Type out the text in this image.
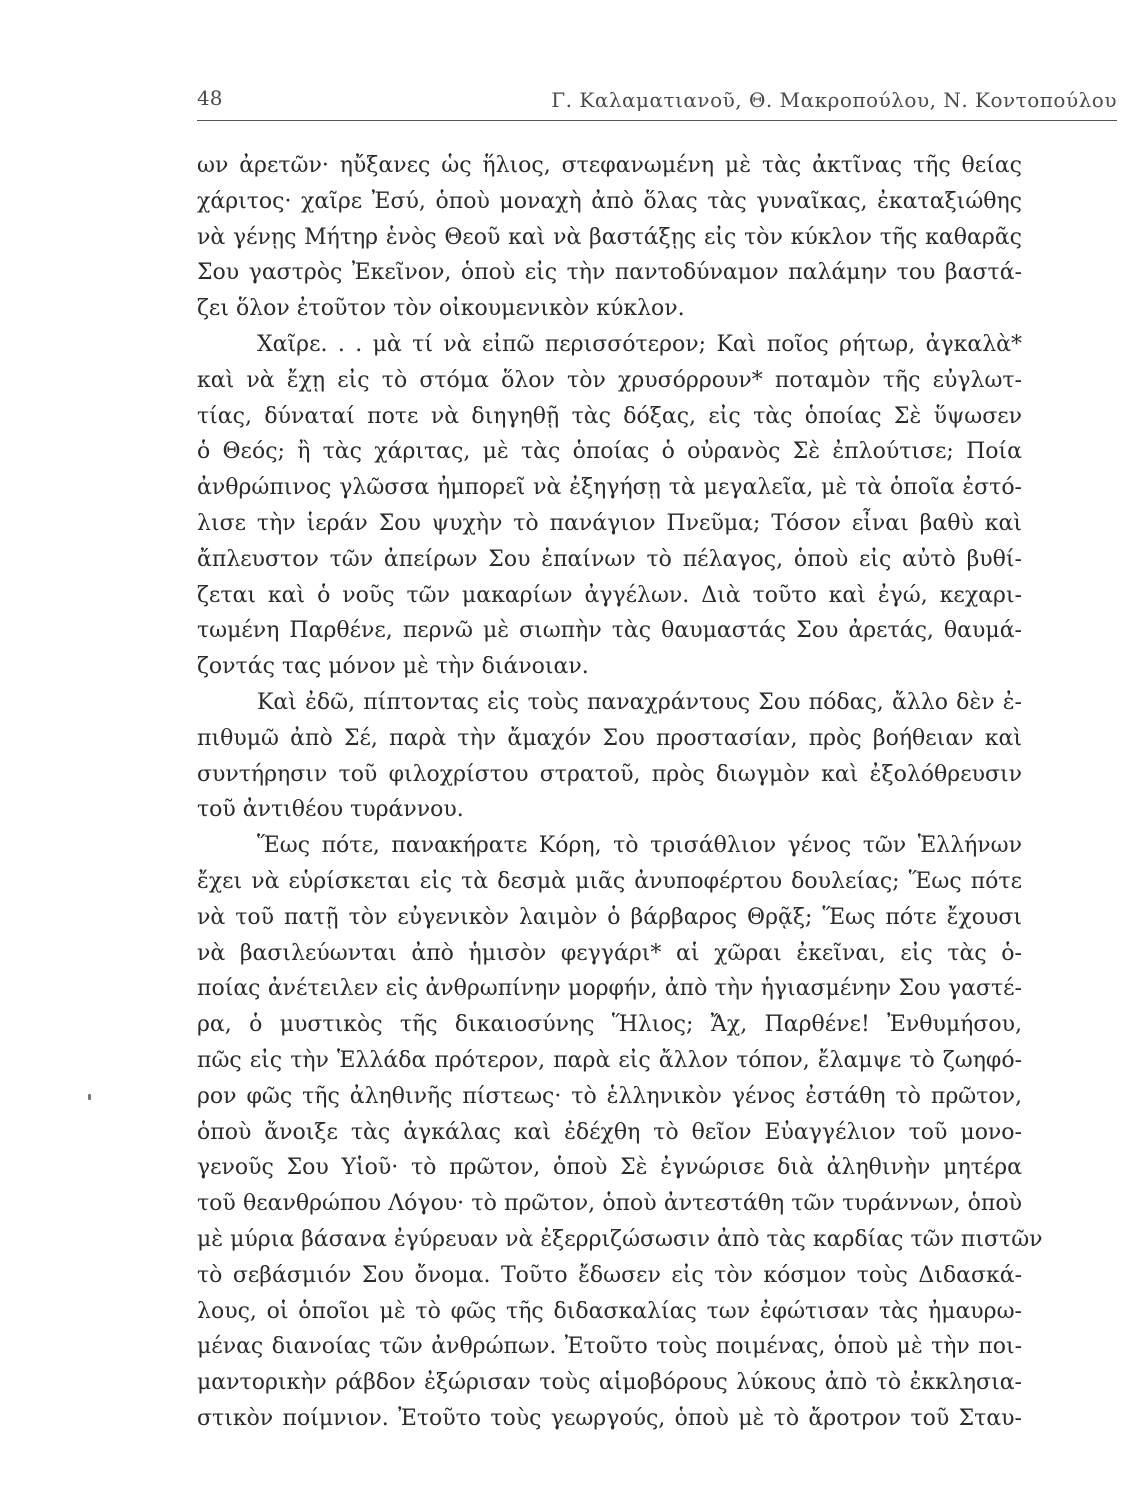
48	Γ. Καλαματιανοῦ, Θ. Μακροπούλου, Ν. Κοντοπούλου
ων ἀρετῶν· ηὔξανες ὡς ἥλιος, στεφανωμένη μὲ τὰς ἀκτῖνας τῆς θείας
χάριτος· χαῖρε Ἐσύ, ὁποὺ μοναχὴ ἀπὸ ὅλας τὰς γυναῖκας, ἐκαταξιώθης
νὰ γένῃς Μήτηρ ἑνὸς Θεοῦ καὶ νὰ βαστάξῃς εἰς τὸν κύκλον τῆς καθαρᾶς
Σου γαστρὸς Ἐκεῖνον, ὁποὺ εἰς τὴν παντοδύναμον παλάμην του βαστά-
ζει ὅλον ἐτοῦτον τὸν οἰκουμενικὸν κύκλον.
Χαῖρε. . . μὰ τί νὰ εἰπῶ περισσότερον; Καὶ ποῖος ρήτωρ, ἀγκαλὰ*
καὶ νὰ ἔχῃ εἰς τὸ στόμα ὅλον τὸν χρυσόρρουν* ποταμὸν τῆς εὐγλωτ-
τίας, δύναταί ποτε νὰ διηγηθῇ τὰς δόξας, εἰς τὰς ὁποίας Σὲ ὕψωσεν
ὁ Θεός; ἢ τὰς χάριτας, μὲ τὰς ὁποίας ὁ οὐρανὸς Σὲ ἐπλούτισε; Ποία
ἀνθρώπινος γλῶσσα ἠμπορεῖ νὰ ἐξηγήσῃ τὰ μεγαλεῖα, μὲ τὰ ὁποῖα ἐστό-
λισε τὴν ἱεράν Σου ψυχὴν τὸ πανάγιον Πνεῦμα; Τόσον εἶναι βαθὺ καὶ
ἄπλευστον τῶν ἀπείρων Σου ἐπαίνων τὸ πέλαγος, ὁποὺ εἰς αὐτὸ βυθί-
ζεται καὶ ὁ νοῦς τῶν μακαρίων ἀγγέλων. Διὰ τοῦτο καὶ ἐγώ, κεχαρι-
τωμένη Παρθένε, περνῶ μὲ σιωπὴν τὰς θαυμαστάς Σου ἀρετάς, θαυμά-
ζοντάς τας μόνον μὲ τὴν διάνοιαν.
Καὶ ἐδῶ, πίπτοντας εἰς τοὺς παναχράντους Σου πόδας, ἄλλο δὲν ἐ-
πιθυμῶ ἀπὸ Σέ, παρὰ τὴν ἄμαχόν Σου προστασίαν, πρὸς βοήθειαν καὶ
συντήρησιν τοῦ φιλοχρίστου στρατοῦ, πρὸς διωγμὸν καὶ ἐξολόθρευσιν
τοῦ ἀντιθέου τυράννου.
Ἕως πότε, πανακήρατε Κόρη, τὸ τρισάθλιον γένος τῶν Ἑλλήνων
ἔχει νὰ εὑρίσκεται εἰς τὰ δεσμὰ μιᾶς ἀνυποφέρτου δουλείας; Ἕως πότε
νὰ τοῦ πατῇ τὸν εὐγενικὸν λαιμὸν ὁ βάρβαρος Θρᾷξ; Ἕως πότε ἔχουσι
νὰ βασιλεύωνται ἀπὸ ἡμισὸν φεγγάρι* αἱ χῶραι ἐκεῖναι, εἰς τὰς ὁ-
ποίας ἀνέτειλεν εἰς ἀνθρωπίνην μορφήν, ἀπὸ τὴν ἡγιασμένην Σου γαστέ-
ρα, ὁ μυστικὸς τῆς δικαιοσύνης Ἥλιος; Ἄχ, Παρθένε! Ἐνθυμήσου,
πῶς εἰς τὴν Ἑλλάδα πρότερον, παρὰ εἰς ἄλλον τόπον, ἔλαμψε τὸ ζωηφό-
ρον φῶς τῆς ἀληθινῆς πίστεως· τὸ ἑλληνικὸν γένος ἐστάθη τὸ πρῶτον,
ὁποὺ ἄνοιξε τὰς ἀγκάλας καὶ ἐδέχθη τὸ θεῖον Εὐαγγέλιον τοῦ μονο-
γενοῦς Σου Υἱοῦ· τὸ πρῶτον, ὁποὺ Σὲ ἐγνώρισε διὰ ἀληθινὴν μητέρα
τοῦ θεανθρώπου Λόγου· τὸ πρῶτον, ὁποὺ ἀντεστάθη τῶν τυράννων, ὁποὺ
μὲ μύρια βάσανα ἐγύρευαν νὰ ἐξερριζώσωσιν ἀπὸ τὰς καρδίας τῶν πιστῶν
τὸ σεβάσμιόν Σου ὄνομα. Τοῦτο ἔδωσεν εἰς τὸν κόσμον τοὺς Διδασκά-
λους, οἱ ὁποῖοι μὲ τὸ φῶς τῆς διδασκαλίας των ἐφώτισαν τὰς ἠμαυρω-
μένας διανοίας τῶν ἀνθρώπων. Ἐτοῦτο τοὺς ποιμένας, ὁποὺ μὲ τὴν ποι-
μαντορικὴν ράβδον ἐξώρισαν τοὺς αἱμοβόρους λύκους ἀπὸ τὸ ἐκκλησια-
στικὸν ποίμνιον. Ἐτοῦτο τοὺς γεωργούς, ὁποὺ μὲ τὸ ἄροτρον τοῦ Σταυ-
